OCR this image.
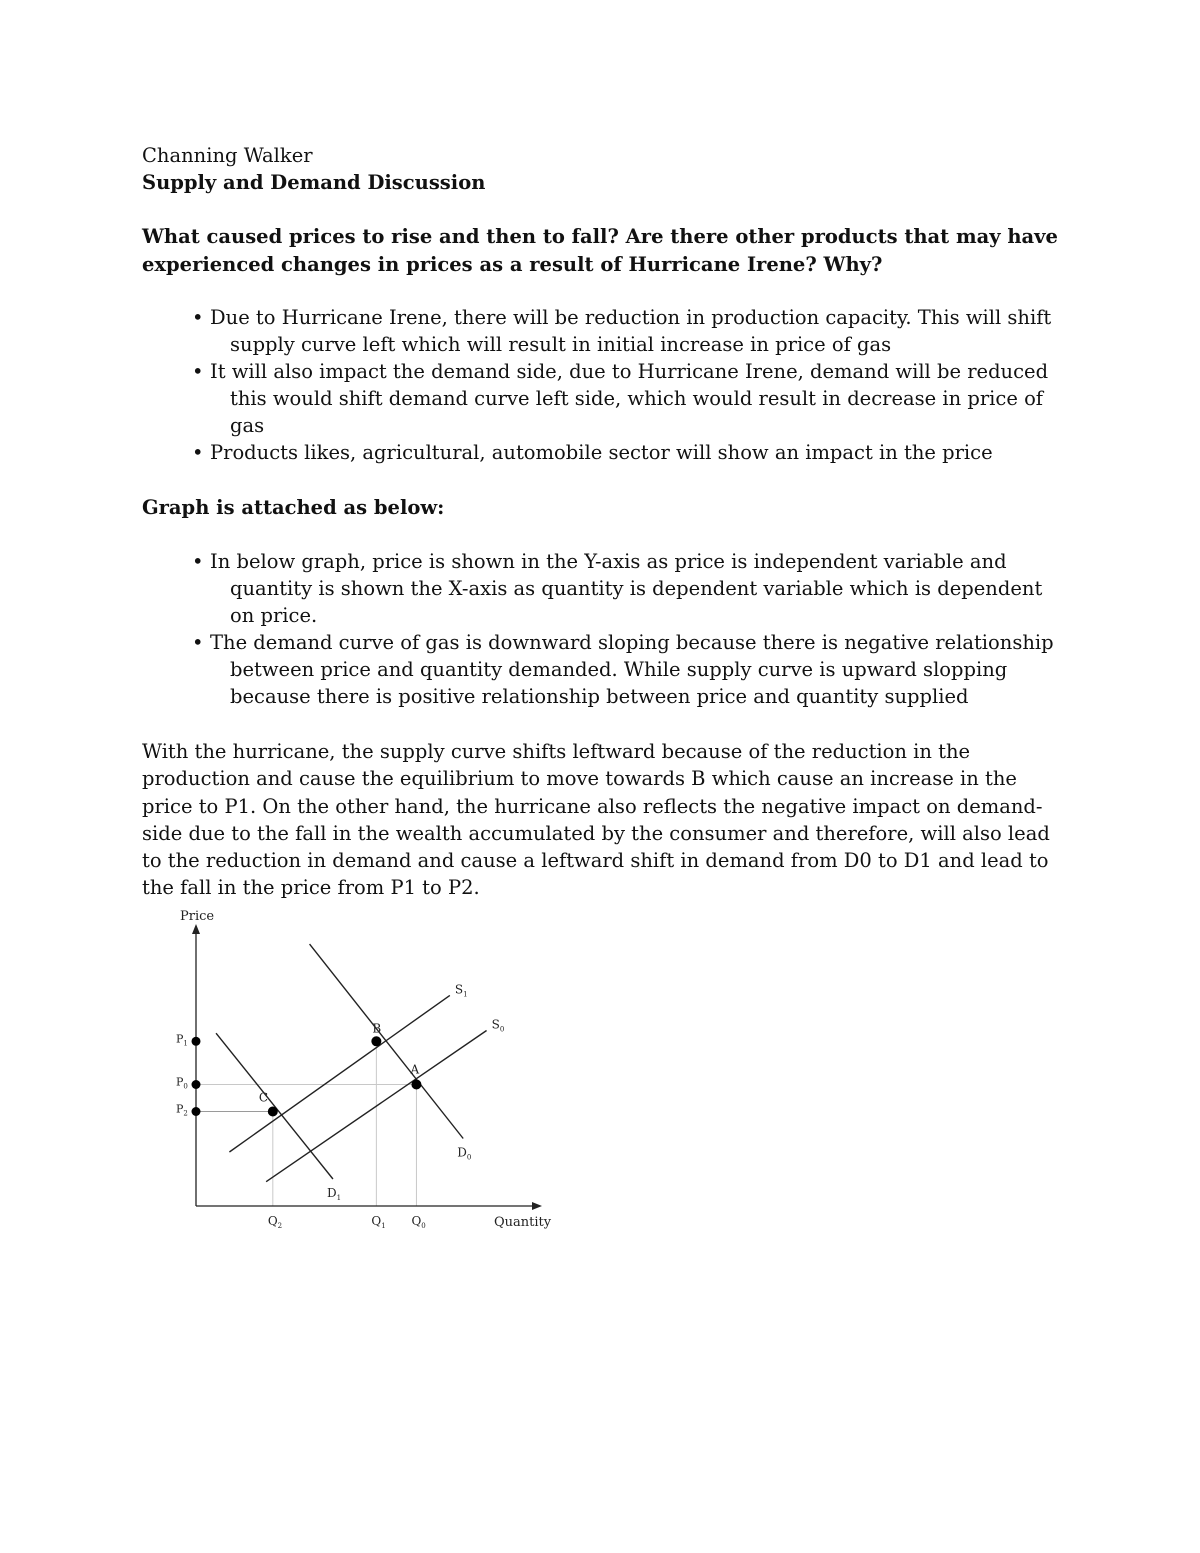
Channing Walker
Supply and Demand Discussion
What caused prices to rise and then to fall? Are there other products that may have experienced changes in prices as a result of Hurricane Irene? Why?
• Due to Hurricane Irene, there will be reduction in production capacity. This will shift supply curve left which will result in initial increase in price of gas
• It will also impact the demand side, due to Hurricane Irene, demand will be reduced this would shift demand curve left side, which would result in decrease in price of gas
• Products likes, agricultural, automobile sector will show an impact in the price
Graph is attached as below:
• In below graph, price is shown in the Y-axis as price is independent variable and quantity is shown the X-axis as quantity is dependent variable which is dependent on price.
• The demand curve of gas is downward sloping because there is negative relationship between price and quantity demanded. While supply curve is upward slopping because there is positive relationship between price and quantity supplied
With the hurricane, the supply curve shifts leftward because of the reduction in the production and cause the equilibrium to move towards B which cause an increase in the price to P1. On the other hand, the hurricane also reflects the negative impact on demand-side due to the fall in the wealth accumulated by the consumer and therefore, will also lead to the reduction in demand and cause a leftward shift in demand from D0 to D1 and lead to the fall in the price from P1 to P2.
Price
Quantity
$S_1$
$S_0$
$D_0$
$D_1$
B
A
C
$P_1$
$P_0$
$P_2$
$Q_2$	$Q_1$ $Q_0$
